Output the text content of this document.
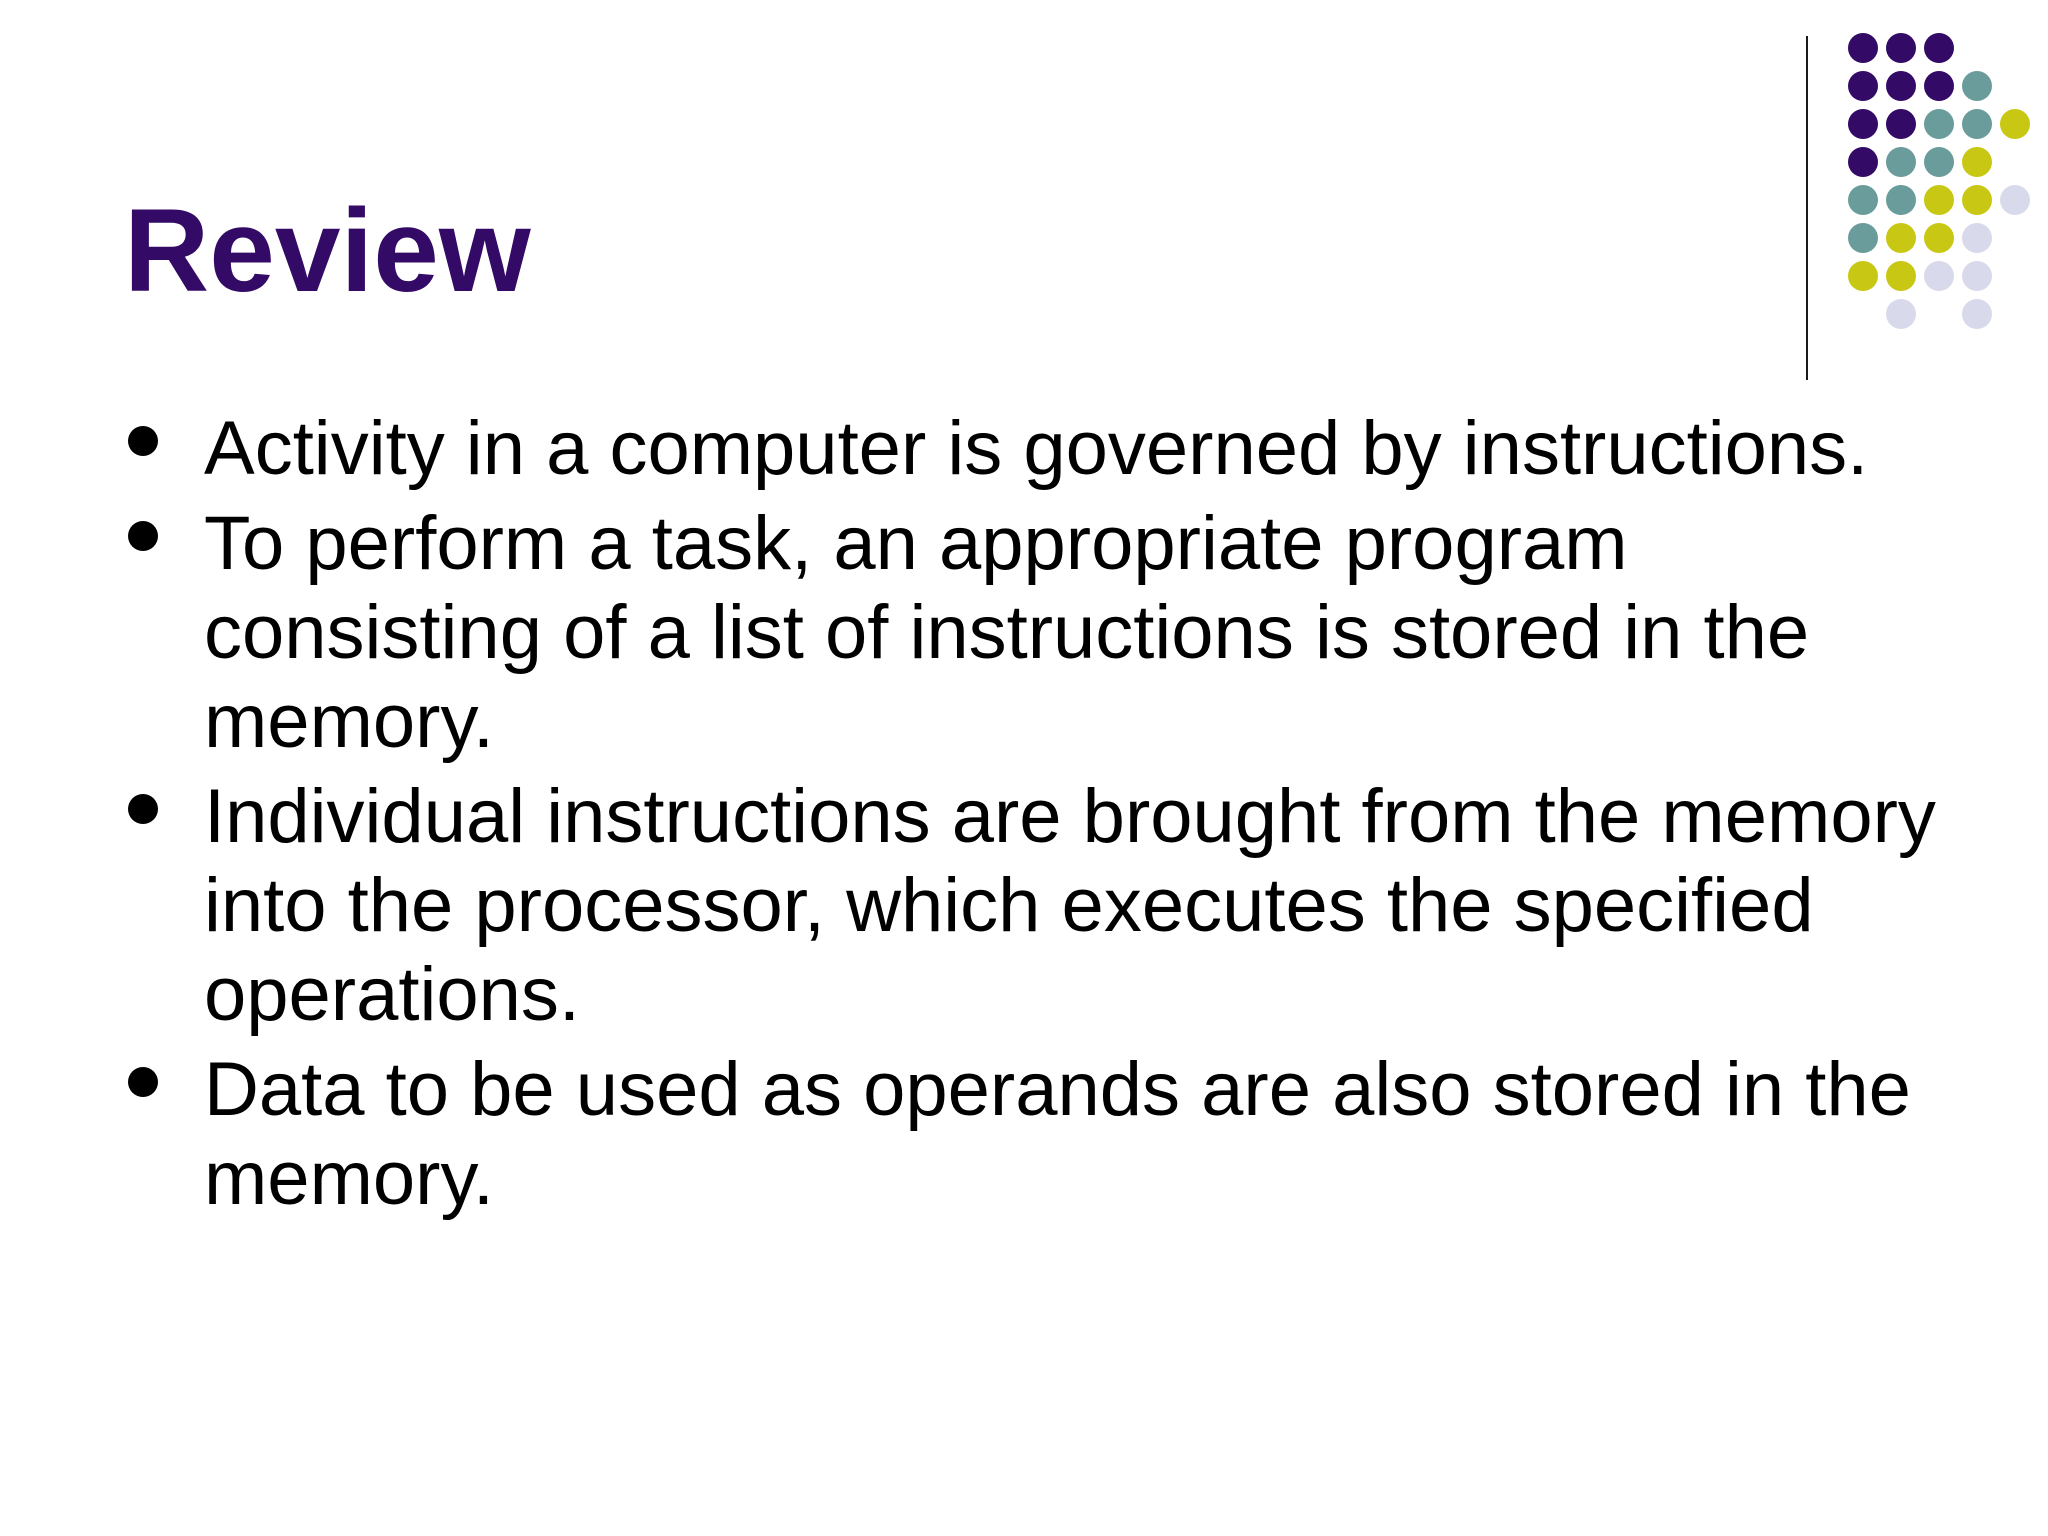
Review
Activity in a computer is governed by instructions.
To perform a task, an appropriate program consisting of a list of instructions is stored in the memory.
Individual instructions are brought from the memory into the processor, which executes the specified operations.
Data to be used as operands are also stored in the memory.
